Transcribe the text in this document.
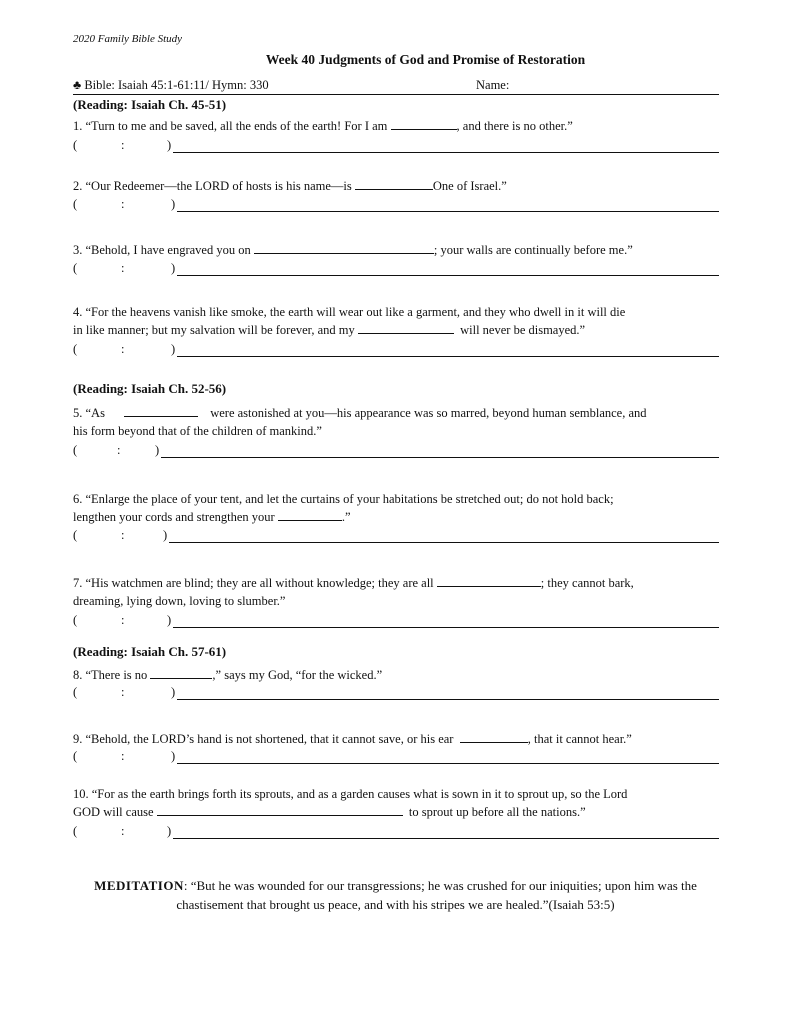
2020 Family Bible Study
Week 40 Judgments of God and Promise of Restoration
♣ Bible: Isaiah 45:1-61:11/ Hymn: 330	Name:
(Reading: Isaiah Ch. 45-51)
1. “Turn to me and be saved, all the ends of the earth! For I am	, and there is no other.”
(	:	)
2. “Our Redeemer—the LORD of hosts is his name—is	One of Israel.”
(	:	)
3. “Behold, I have engraved you on	; your walls are continually before me.”
(	:	)
4. “For the heavens vanish like smoke, the earth will wear out like a garment, and they who dwell in it will die
in like manner; but my salvation will be forever, and my	will never be dismayed.”
(	:	)
(Reading: Isaiah Ch. 52-56)
5. “As	were astonished at you—his appearance was so marred, beyond human semblance, and
his form beyond that of the children of mankind.”
(	:	)
6. “Enlarge the place of your tent, and let the curtains of your habitations be stretched out; do not hold back;
lengthen your cords and strengthen your	.”
(	:	)
7. “His watchmen are blind; they are all without knowledge; they are all	; they cannot bark,
dreaming, lying down, loving to slumber.”
(	:	)
(Reading: Isaiah Ch. 57-61)
8. “There is no	,” says my God, “for the wicked.”
(	:	)
9. “Behold, the LORD’s hand is not shortened, that it cannot save, or his ear	, that it cannot hear.”
(	:	)
10. “For as the earth brings forth its sprouts, and as a garden causes what is sown in it to sprout up, so the Lord
GOD will cause	to sprout up before all the nations.”
(	:	)
MEDITATION: “But he was wounded for our transgressions; he was crushed for our iniquities; upon him was the chastisement that brought us peace, and with his stripes we are healed.”(Isaiah 53:5)
